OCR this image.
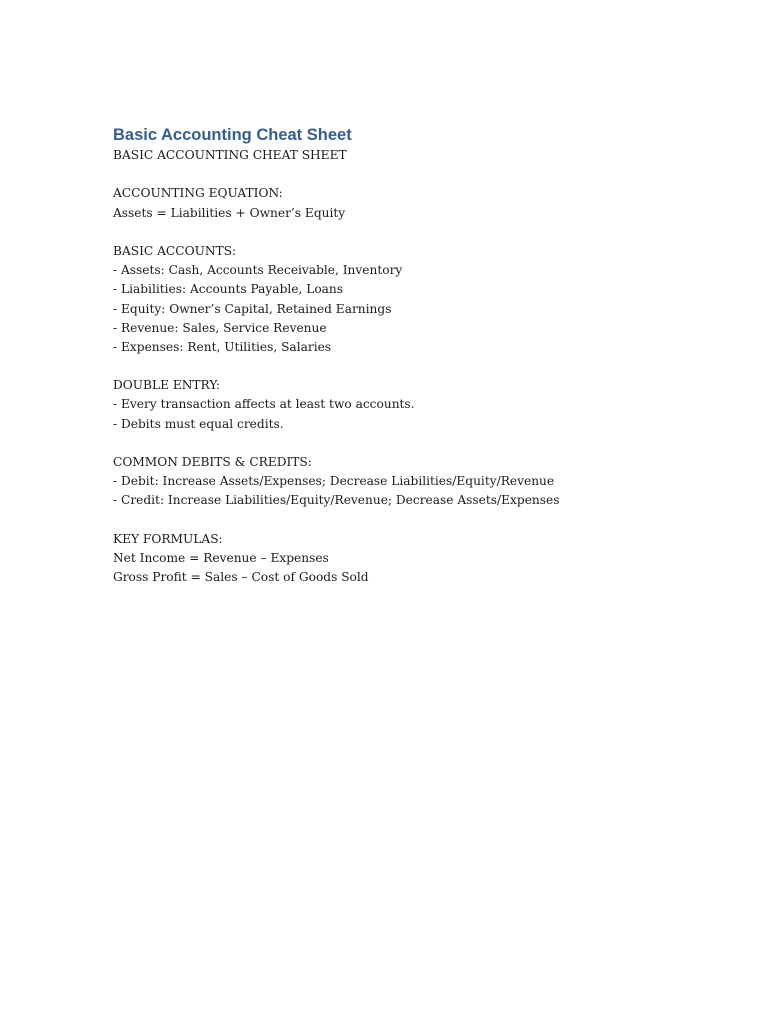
Basic Accounting Cheat Sheet

BASIC ACCOUNTING CHEAT SHEET

ACCOUNTING EQUATION:

Assets = Liabilities + Owner’s Equity

BASIC ACCOUNTS:

- Assets: Cash, Accounts Receivable, Inventory

- Liabilities: Accounts Payable, Loans

- Equity: Owner’s Capital, Retained Earnings

- Revenue: Sales, Service Revenue

- Expenses: Rent, Utilities, Salaries

DOUBLE ENTRY:

- Every transaction affects at least two accounts.

- Debits must equal credits.

COMMON DEBITS & CREDITS:

- Debit: Increase Assets/Expenses; Decrease Liabilities/Equity/Revenue

- Credit: Increase Liabilities/Equity/Revenue; Decrease Assets/Expenses

KEY FORMULAS:

Net Income = Revenue – Expenses

Gross Profit = Sales – Cost of Goods Sold
